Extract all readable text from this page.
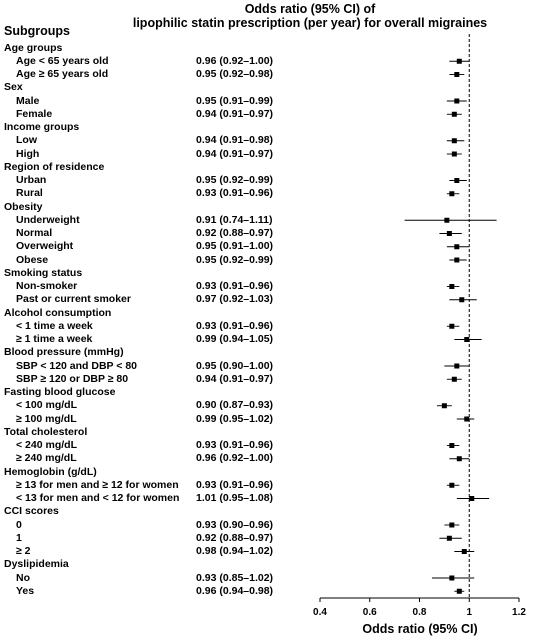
Odds ratio (95% CI) of
lipophilic statin prescription (per year) for overall migraines
Subgroups
Age groups
Age < 65 years old	0.96 (0.92–1.00)
Age ≥ 65 years old	0.95 (0.92–0.98)
Sex
Male	0.95 (0.91–0.99)
Female	0.94 (0.91–0.97)
Income groups
Low	0.94 (0.91–0.98)
High	0.94 (0.91–0.97)
Region of residence
Urban	0.95 (0.92–0.99)
Rural	0.93 (0.91–0.96)
Obesity
Underweight	0.91 (0.74–1.11)
Normal	0.92 (0.88–0.97)
Overweight	0.95 (0.91–1.00)
Obese	0.95 (0.92–0.99)
Smoking status
Non-smoker	0.93 (0.91–0.96)
Past or current smoker	0.97 (0.92–1.03)
Alcohol consumption
< 1 time a week	0.93 (0.91–0.96)
≥ 1 time a week	0.99 (0.94–1.05)
Blood pressure (mmHg)
SBP < 120 and DBP < 80	0.95 (0.90–1.00)
SBP ≥ 120 or DBP ≥ 80	0.94 (0.91–0.97)
Fasting blood glucose
< 100 mg/dL	0.90 (0.87–0.93)
≥ 100 mg/dL	0.99 (0.95–1.02)
Total cholesterol
< 240 mg/dL	0.93 (0.91–0.96)
≥ 240 mg/dL	0.96 (0.92–1.00)
Hemoglobin (g/dL)
≥ 13 for men and ≥ 12 for women 0.93 (0.91–0.96)
< 13 for men and < 12 for women 1.01 (0.95–1.08)
CCI scores
0	0.93 (0.90–0.96)
1	0.92 (0.88–0.97)
≥ 2	0.98 (0.94–1.02)
Dyslipidemia
No	0.93 (0.85–1.02)
Yes	0.96 (0.94–0.98)
0.4	0.6	0.8	1	1.2
Odds ratio (95% CI)
